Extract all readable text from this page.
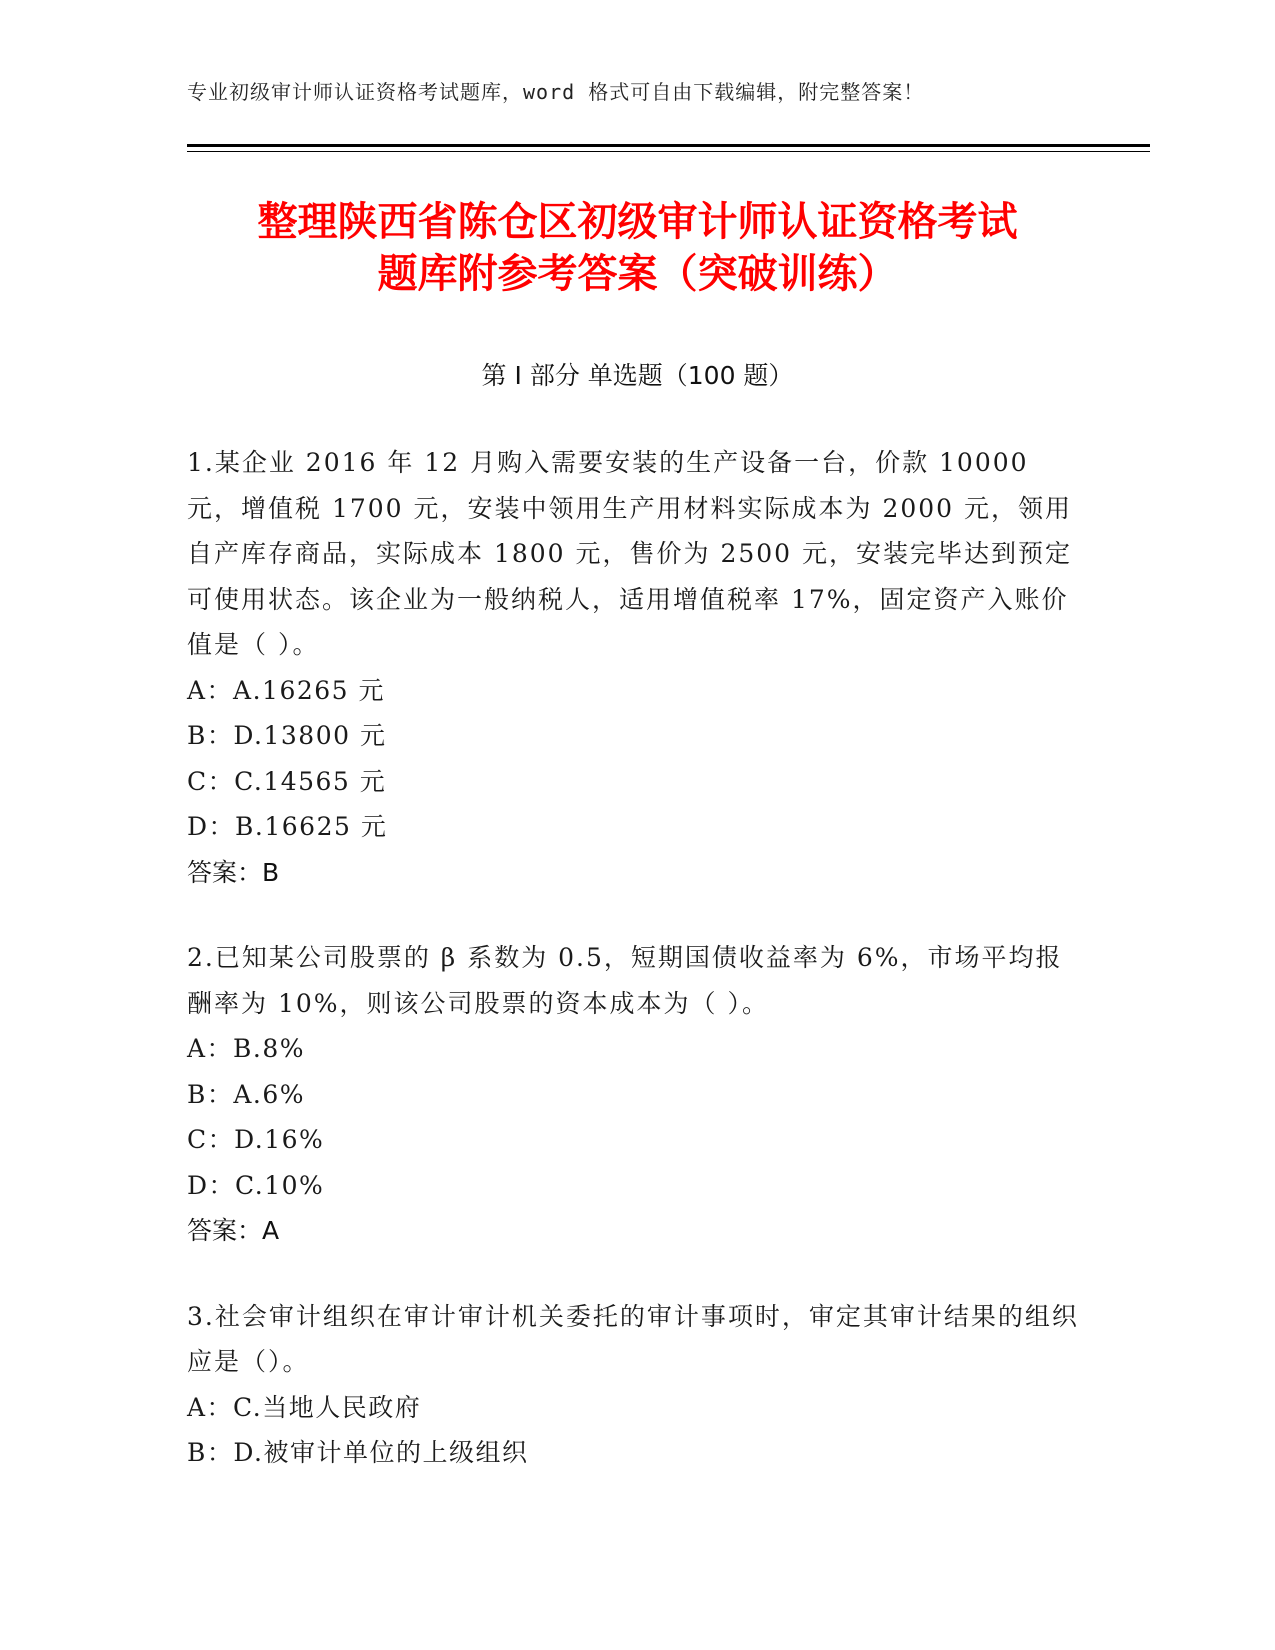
专业初级审计师认证资格考试题库，word 格式可自由下载编辑，附完整答案！
整理陕西省陈仓区初级审计师认证资格考试
题库附参考答案（突破训练）
第 I 部分 单选题（100 题）

1.某企业 2016 年 12 月购入需要安装的生产设备一台，价款 10000 元，增值税 1700 元，安装中领用生产用材料实际成本为 2000 元，领用自产库存商品，实际成本 1800 元，售价为 2500 元，安装完毕达到预定可使用状态。该企业为一般纳税人，适用增值税率 17%，固定资产入账价值是（ ）。

A：A.16265 元
B：D.13800 元
C：C.14565 元
D：B.16625 元
答案：B

2.已知某公司股票的 β 系数为 0.5，短期国债收益率为 6%，市场平均报酬率为 10%，则该公司股票的资本成本为（ ）。

A：B.8%
B：A.6%
C：D.16%
D：C.10%
答案：A

3.社会审计组织在审计审计机关委托的审计事项时，审定其审计结果的组织应是（）。

A：C.当地人民政府
B：D.被审计单位的上级组织
